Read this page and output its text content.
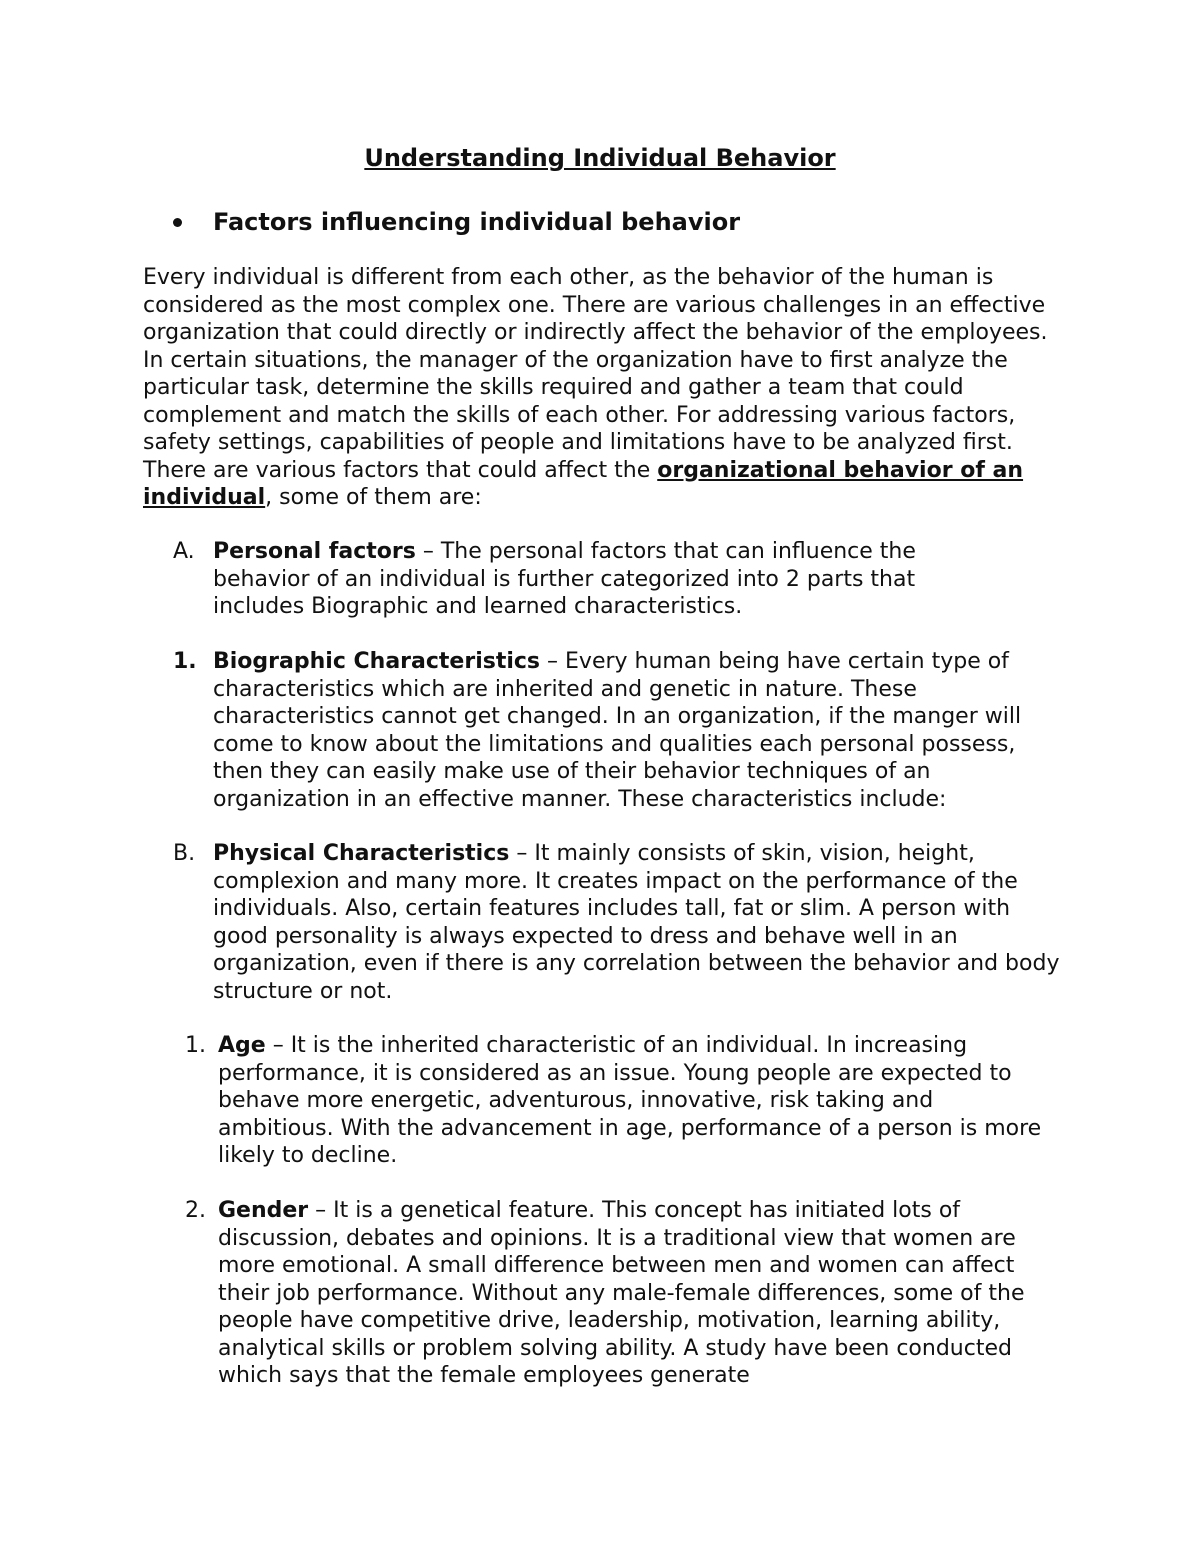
Understanding Individual Behavior
Factors influencing individual behavior

Every individual is different from each other, as the behavior of the human is considered as the most complex one. There are various challenges in an effective organization that could directly or indirectly affect the behavior of the employees. In certain situations, the manager of the organization have to first analyze the particular task, determine the skills required and gather a team that could complement and match the skills of each other. For addressing various factors, safety settings, capabilities of people and limitations have to be analyzed first. There are various factors that could affect the organizational behavior of an individual, some of them are:

A. Personal factors – The personal factors that can influence the behavior of an individual is further categorized into 2 parts that includes Biographic and learned characteristics.
1. Biographic Characteristics – Every human being have certain type of characteristics which are inherited and genetic in nature. These characteristics cannot get changed. In an organization, if the manger will come to know about the limitations and qualities each personal possess, then they can easily make use of their behavior techniques of an organization in an effective manner. These characteristics include:
B. Physical Characteristics – It mainly consists of skin, vision, height, complexion and many more. It creates impact on the performance of the individuals. Also, certain features includes tall, fat or slim. A person with good personality is always expected to dress and behave well in an organization, even if there is any correlation between the behavior and body structure or not.
1. Age – It is the inherited characteristic of an individual. In increasing performance, it is considered as an issue. Young people are expected to behave more energetic, adventurous, innovative, risk taking and ambitious. With the advancement in age, performance of a person is more likely to decline.
2. Gender – It is a genetical feature. This concept has initiated lots of discussion, debates and opinions. It is a traditional view that women are more emotional. A small difference between men and women can affect their job performance. Without any male-female differences, some of the people have competitive drive, leadership, motivation, learning ability, analytical skills or problem solving ability. A study have been conducted which says that the female employees generate
